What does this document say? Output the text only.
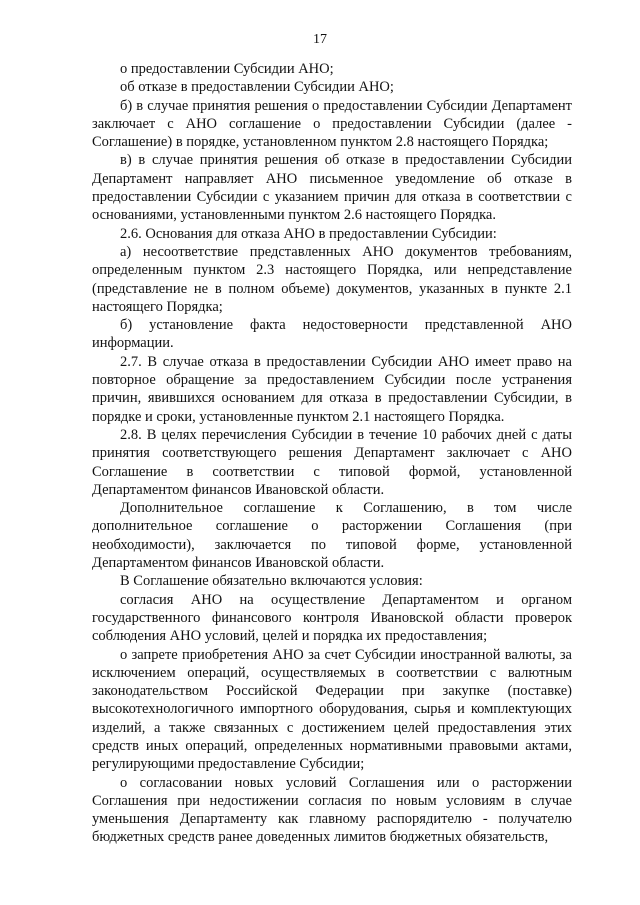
17

о предоставлении Субсидии АНО;

об отказе в предоставлении Субсидии АНО;

б) в случае принятия решения о предоставлении Субсидии Департамент заключает с АНО соглашение о предоставлении Субсидии (далее - Соглашение) в порядке, установленном пунктом 2.8 настоящего Порядка;

в) в случае принятия решения об отказе в предоставлении Субсидии Департамент направляет АНО письменное уведомление об отказе в предоставлении Субсидии с указанием причин для отказа в соответствии с основаниями, установленными пунктом 2.6 настоящего Порядка.

2.6. Основания для отказа АНО в предоставлении Субсидии:

а) несоответствие представленных АНО документов требованиям, определенным пунктом 2.3 настоящего Порядка, или непредставление (представление не в полном объеме) документов, указанных в пункте 2.1 настоящего Порядка;

б) установление факта недостоверности представленной АНО информации.

2.7. В случае отказа в предоставлении Субсидии АНО имеет право на повторное обращение за предоставлением Субсидии после устранения причин, явившихся основанием для отказа в предоставлении Субсидии, в порядке и сроки, установленные пунктом 2.1 настоящего Порядка.

2.8. В целях перечисления Субсидии в течение 10 рабочих дней с даты принятия соответствующего решения Департамент заключает с АНО Соглашение в соответствии с типовой формой, установленной Департаментом финансов Ивановской области.

Дополнительное соглашение к Соглашению, в том числе дополнительное соглашение о расторжении Соглашения (при необходимости), заключается по типовой форме, установленной Департаментом финансов Ивановской области.

В Соглашение обязательно включаются условия:

согласия АНО на осуществление Департаментом и органом государственного финансового контроля Ивановской области проверок соблюдения АНО условий, целей и порядка их предоставления;

о запрете приобретения АНО за счет Субсидии иностранной валюты, за исключением операций, осуществляемых в соответствии с валютным законодательством Российской Федерации при закупке (поставке) высокотехнологичного импортного оборудования, сырья и комплектующих изделий, а также связанных с достижением целей предоставления этих средств иных операций, определенных нормативными правовыми актами, регулирующими предоставление Субсидии;

о согласовании новых условий Соглашения или о расторжении Соглашения при недостижении согласия по новым условиям в случае уменьшения Департаменту как главному распорядителю - получателю бюджетных средств ранее доведенных лимитов бюджетных обязательств,
